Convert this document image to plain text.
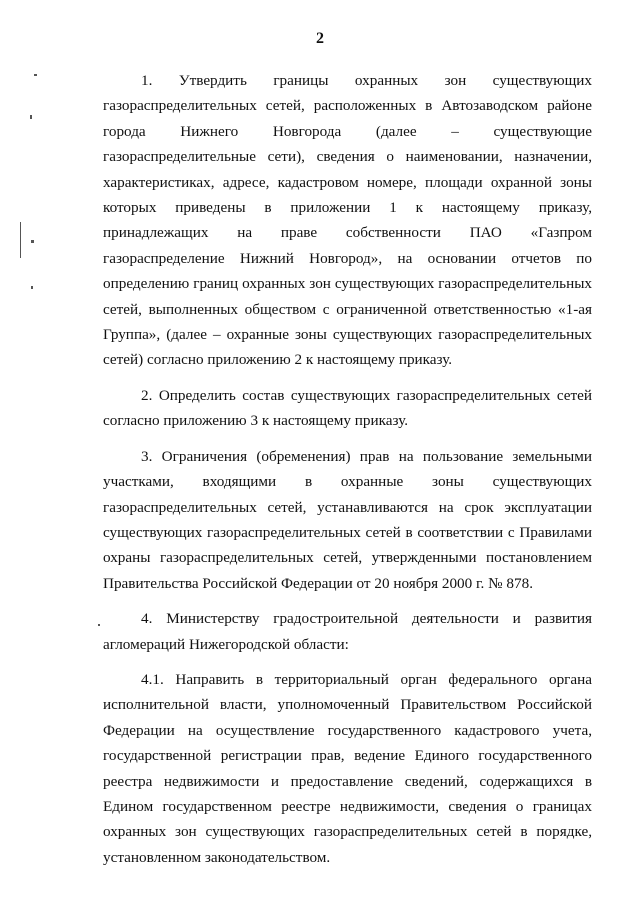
2

1. Утвердить границы охранных зон существующих газораспределительных сетей, расположенных в Автозаводском районе города Нижнего Новгорода (далее – существующие газораспределительные сети), сведения о наименовании, назначении, характеристиках, адресе, кадастровом номере, площади охранной зоны которых приведены в приложении 1 к настоящему приказу, принадлежащих на праве собственности ПАО «Газпром газораспределение Нижний Новгород», на основании отчетов по определению границ охранных зон существующих газораспределительных сетей, выполненных обществом с ограниченной ответственностью «1-ая Группа», (далее – охранные зоны существующих газораспределительных сетей) согласно приложению 2 к настоящему приказу.

2. Определить состав существующих газораспределительных сетей согласно приложению 3 к настоящему приказу.

3. Ограничения (обременения) прав на пользование земельными участками, входящими в охранные зоны существующих газораспределительных сетей, устанавливаются на срок эксплуатации существующих газораспределительных сетей в соответствии с Правилами охраны газораспределительных сетей, утвержденными постановлением Правительства Российской Федерации от 20 ноября 2000 г. № 878.

4. Министерству градостроительной деятельности и развития агломераций Нижегородской области:

4.1. Направить в территориальный орган федерального органа исполнительной власти, уполномоченный Правительством Российской Федерации на осуществление государственного кадастрового учета, государственной регистрации прав, ведение Единого государственного реестра недвижимости и предоставление сведений, содержащихся в Едином государственном реестре недвижимости, сведения о границах охранных зон существующих газораспределительных сетей в порядке, установленном законодательством.
